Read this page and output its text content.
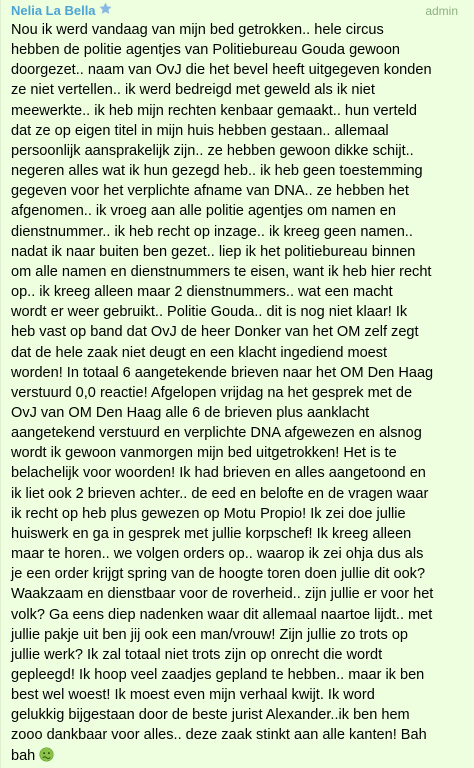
Nelia La Bella	admin

Nou ik werd vandaag van mijn bed getrokken.. hele circus
hebben de politie agentjes van Politiebureau Gouda gewoon
doorgezet.. naam van OvJ die het bevel heeft uitgegeven konden
ze niet vertellen.. ik werd bedreigd met geweld als ik niet
meewerkte.. ik heb mijn rechten kenbaar gemaakt.. hun verteld
dat ze op eigen titel in mijn huis hebben gestaan.. allemaal
persoonlijk aansprakelijk zijn.. ze hebben gewoon dikke schijt..
negeren alles wat ik hun gezegd heb.. ik heb geen toestemming
gegeven voor het verplichte afname van DNA.. ze hebben het
afgenomen.. ik vroeg aan alle politie agentjes om namen en
dienstnummer.. ik heb recht op inzage.. ik kreeg geen namen..
nadat ik naar buiten ben gezet.. liep ik het politiebureau binnen
om alle namen en dienstnummers te eisen, want ik heb hier recht
op.. ik kreeg alleen maar 2 dienstnummers.. wat een macht
wordt er weer gebruikt.. Politie Gouda.. dit is nog niet klaar! Ik
heb vast op band dat OvJ de heer Donker van het OM zelf zegt
dat de hele zaak niet deugt en een klacht ingediend moest
worden! In totaal 6 aangetekende brieven naar het OM Den Haag
verstuurd 0,0 reactie! Afgelopen vrijdag na het gesprek met de
OvJ van OM Den Haag alle 6 de brieven plus aanklacht
aangetekend verstuurd en verplichte DNA afgewezen en alsnog
wordt ik gewoon vanmorgen mijn bed uitgetrokken! Het is te
belachelijk voor woorden! Ik had brieven en alles aangetoond en
ik liet ook 2 brieven achter.. de eed en belofte en de vragen waar
ik recht op heb plus gewezen op Motu Propio! Ik zei doe jullie
huiswerk en ga in gesprek met jullie korpschef! Ik kreeg alleen
maar te horen.. we volgen orders op.. waarop ik zei ohja dus als
je een order krijgt spring van de hoogte toren doen jullie dit ook?
Waakzaam en dienstbaar voor de roverheid.. zijn jullie er voor het
volk? Ga eens diep nadenken waar dit allemaal naartoe lijdt.. met
jullie pakje uit ben jij ook een man/vrouw! Zijn jullie zo trots op
jullie werk? Ik zal totaal niet trots zijn op onrecht die wordt
gepleegd! Ik hoop veel zaadjes gepland te hebben.. maar ik ben
best wel woest! Ik moest even mijn verhaal kwijt. Ik word
gelukkig bijgestaan door de beste jurist Alexander..ik ben hem
zooo dankbaar voor alles.. deze zaak stinkt aan alle kanten! Bah
bah
